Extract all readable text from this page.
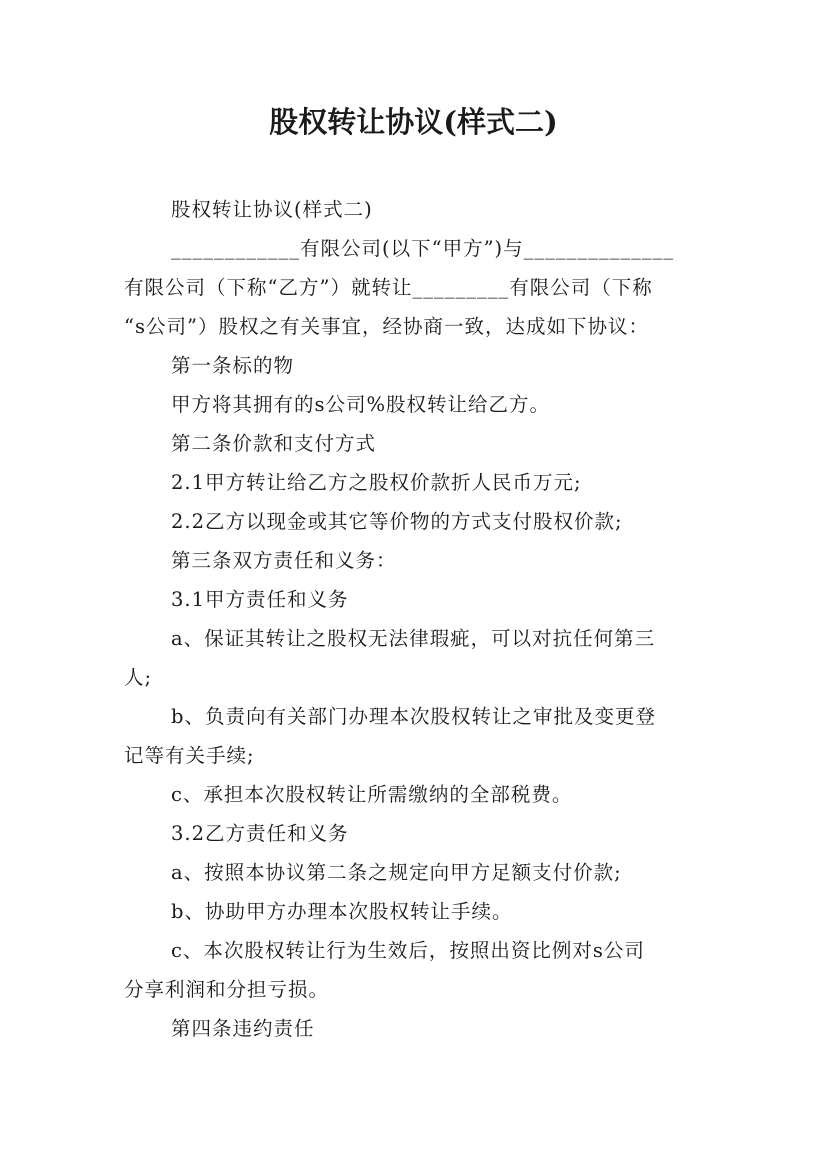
股权转让协议(样式二)

股权转让协议(样式二)

____________有限公司(以下“甲方”)与______________
有限公司（下称“乙方”）就转让_________有限公司（下称
“s公司”）股权之有关事宜，经协商一致，达成如下协议：

第一条标的物

甲方将其拥有的s公司%股权转让给乙方。

第二条价款和支付方式

2.1甲方转让给乙方之股权价款折人民币万元;

2.2乙方以现金或其它等价物的方式支付股权价款;

第三条双方责任和义务：

3.1甲方责任和义务

a、保证其转让之股权无法律瑕疵，可以对抗任何第三
人;
b、负责向有关部门办理本次股权转让之审批及变更登
记等有关手续;

c、承担本次股权转让所需缴纳的全部税费。

3.2乙方责任和义务

a、按照本协议第二条之规定向甲方足额支付价款;

b、协助甲方办理本次股权转让手续。

c、本次股权转让行为生效后，按照出资比例对s公司
分享利润和分担亏损。

第四条违约责任
